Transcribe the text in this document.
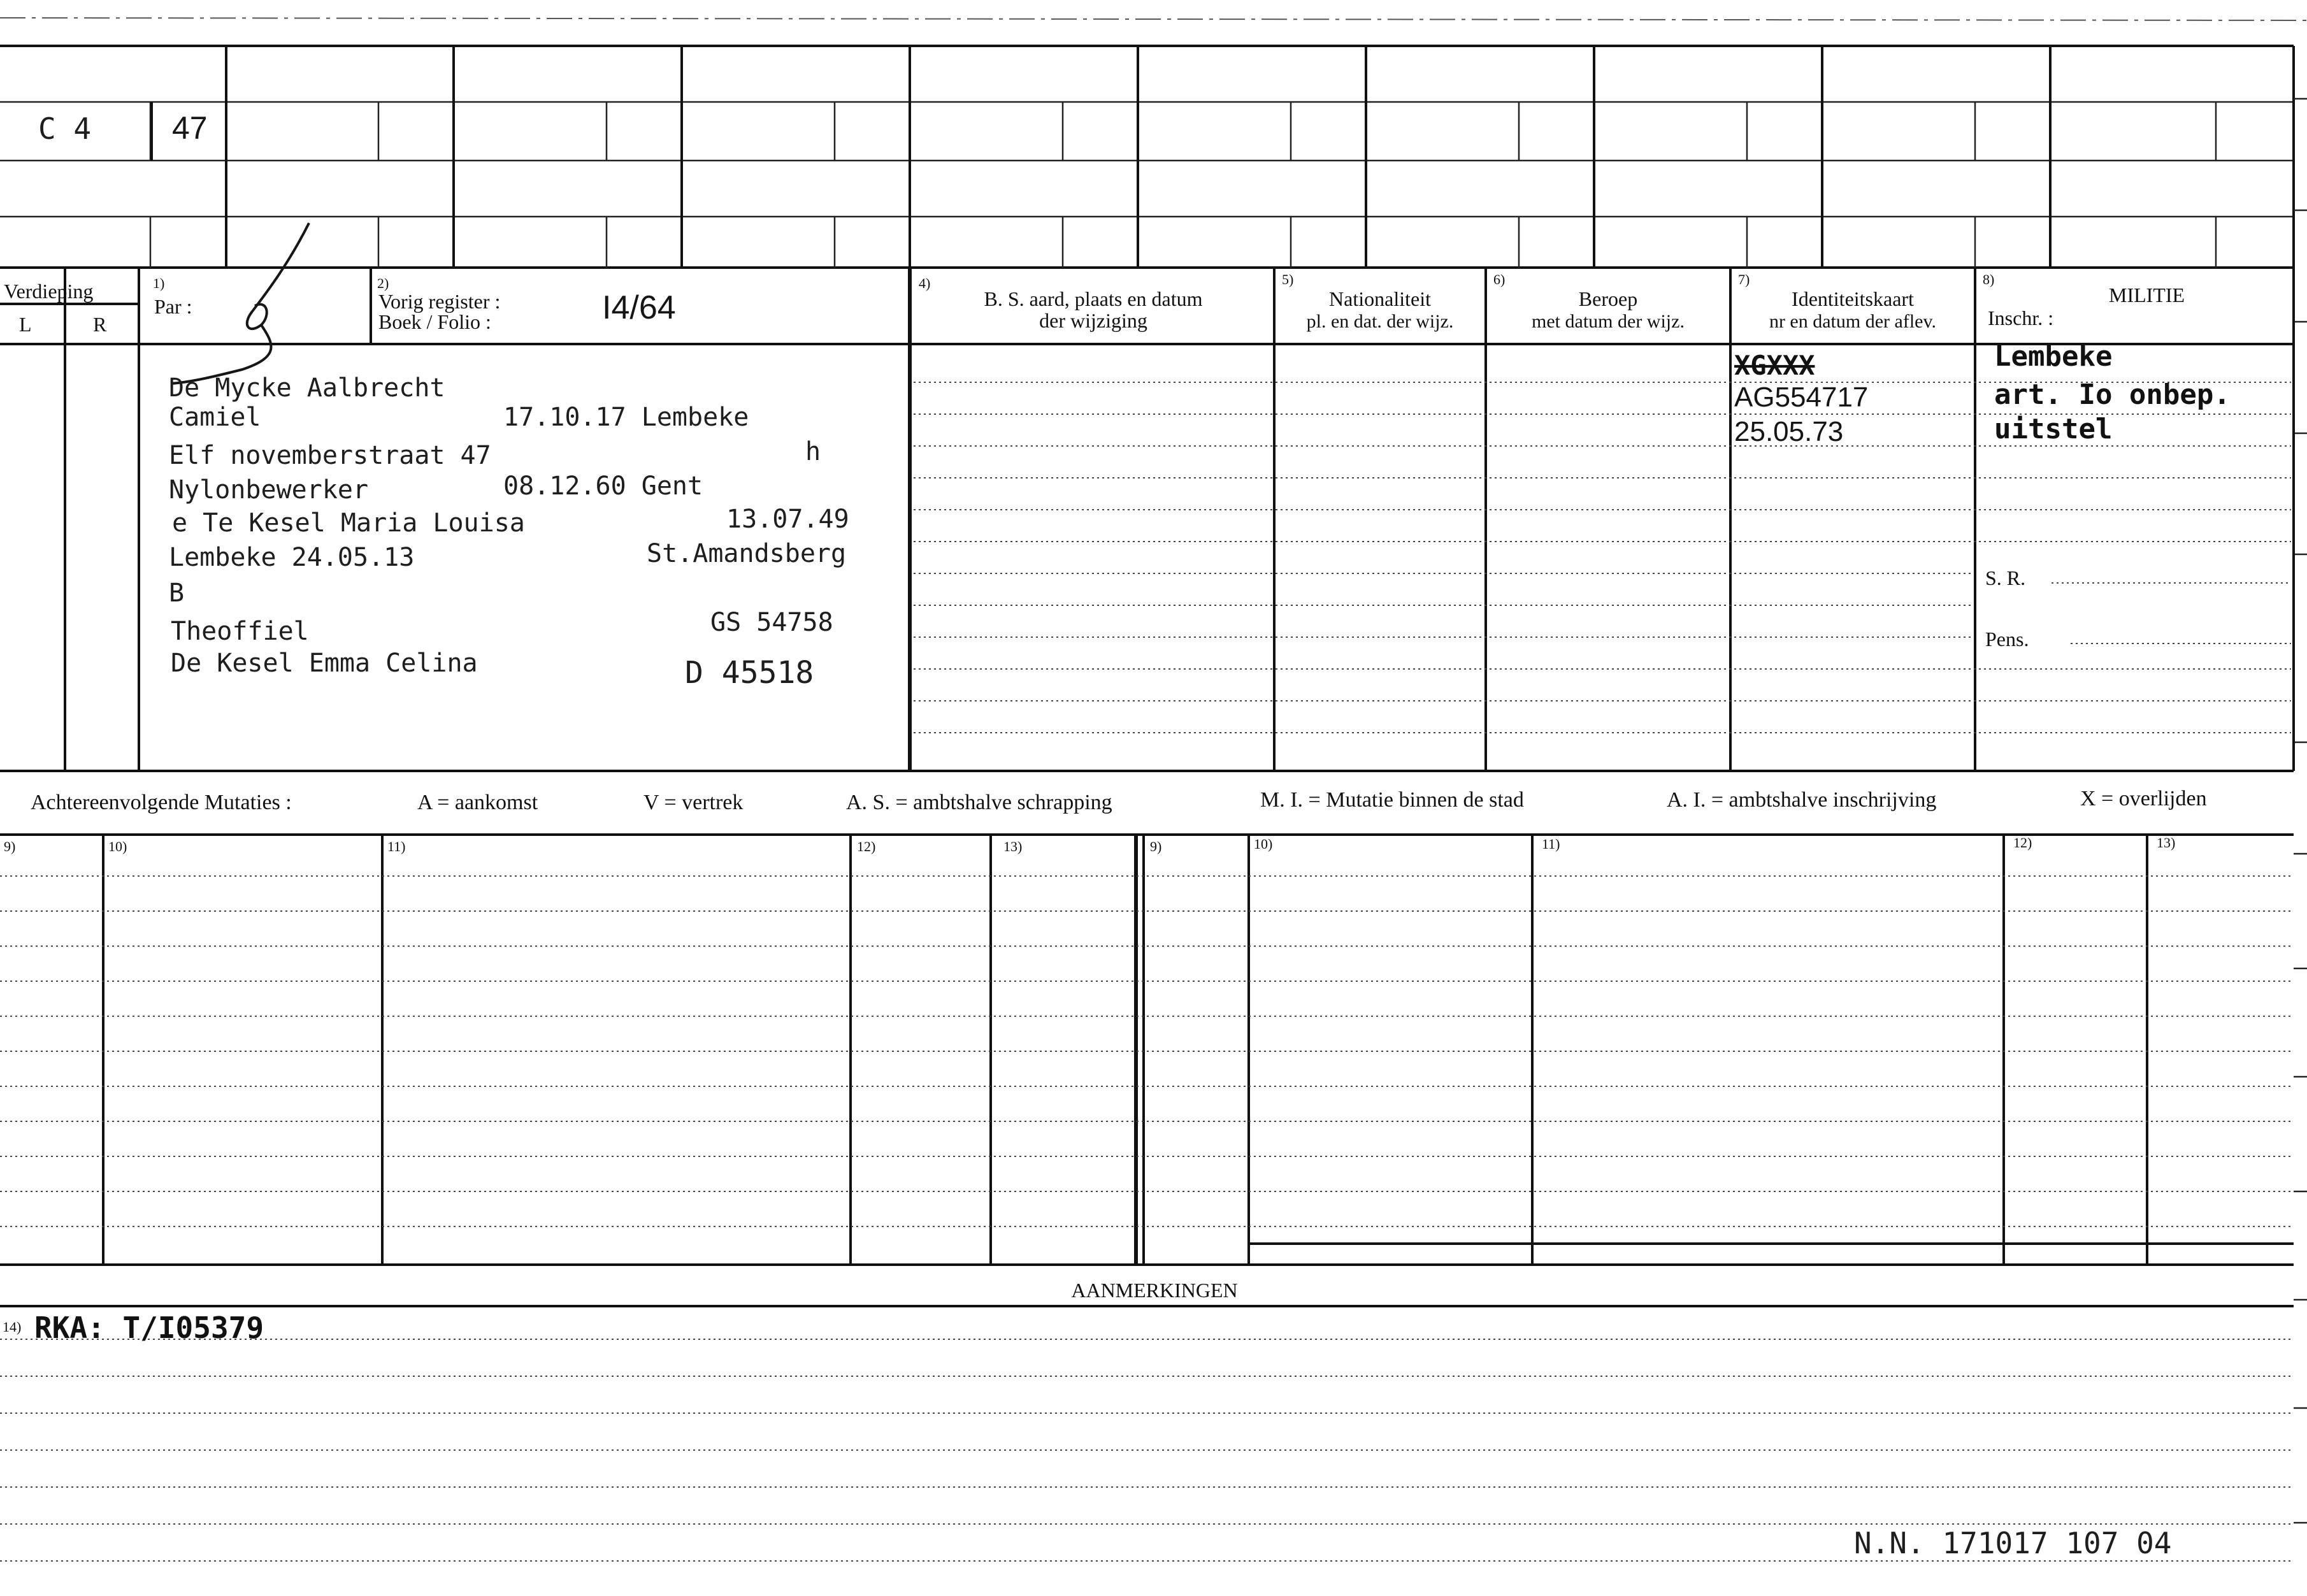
C 4	47
Verdieping
L	R
1)
Par :
2)
Vorig register :
Boek / Folio :	I4/64
4)
B. S. aard, plaats en datum
der wijziging
5)
Nationaliteit
pl. en dat. der wijz.
6)
Beroep
met datum der wijz.
7)
Identiteitskaart
nr en datum der aflev.
8)
MILITIE
Inschr. :
De Mycke Aalbrecht
Camiel	17.10.17 Lembeke
Elf novemberstraat 47	h
Nylonbewerker	08.12.60 Gent
e Te Kesel Maria Louisa	13.07.49
Lembeke 24.05.13	St.Amandsberg
B
Theoffiel	GS 54758
De Kesel Emma Celina	D 45518
XGXXX
AG554717
25.05.73
Lembeke
art. Io onbep.
uitstel
S. R.
Pens.
Achtereenvolgende Mutaties :	A = aankomst	V = vertrek	A. S. = ambtshalve schrapping	M. I. = Mutatie binnen de stad	A. I. = ambtshalve inschrijving	X = overlijden
9)	10)	11)	12)	13)	9)	10)	11)	12)	13)
AANMERKINGEN
14) RKA: T/I05379
N.N. 171017 107 04
